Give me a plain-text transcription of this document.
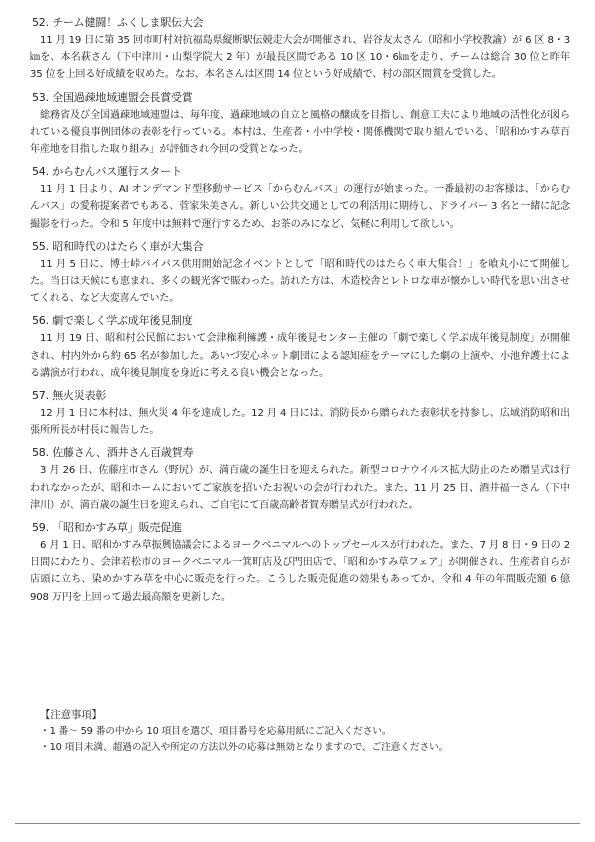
52. チーム健闘！ふくしま駅伝大会
11 月 19 日に第 35 回市町村対抗福島県縦断駅伝競走大会が開催され、岩谷友太さん（昭和小学校教諭）が 6 区 8・3㎞を、本名萩さん（下中津川・山梨学院大 2 年）が最長区間である 10 区 10・6㎞を走り、チームは総合 30 位と昨年 35 位を上回る好成績を収めた。なお、本名さんは区間 14 位という好成績で、村の部区間賞を受賞した。
53. 全国過疎地域連盟会長賞受賞
総務省及び全国過疎地域連盟は、毎年度、過疎地域の自立と風格の醸成を目指し、創意工夫により地域の活性化が図られている優良事例団体の表彰を行っている。本村は、生産者・小中学校・関係機関で取り組んでいる、「昭和かすみ草百年産地を目指した取り組み」が評価され今回の受賞となった。
54. からむんバス運行スタート
11 月 1 日より、AI オンデマンド型移動サービス「からむんバス」の運行が始まった。一番最初のお客様は、「からむんバス」の愛称提案者でもある、菅家朱美さん。新しい公共交通としての利活用に期待し、ドライバー 3 名と一緒に記念撮影を行った。令和 5 年度中は無料で運行するため、お茶のみになど、気軽に利用して欲しい。
55. 昭和時代のはたらく車が大集合
11 月 5 日に、博士峠バイパス供用開始記念イベントとして「昭和時代のはたらく車大集合！」を喰丸小にて開催した。当日は天候にも恵まれ、多くの観光客で賑わった。訪れた方は、木造校舎とレトロな車が懐かしい時代を思い出させてくれる、など大変喜んでいた。
56. 劇で楽しく学ぶ成年後見制度
11 月 19 日、昭和村公民館において会津権利擁護・成年後見センター主催の「劇で楽しく学ぶ成年後見制度」が開催され、村内外から約 65 名が参加した。あいづ安心ネット劇団による認知症をテーマにした劇の上演や、小池弁護士による講演が行われ、成年後見制度を身近に考える良い機会となった。
57. 無火災表彰
12 月 1 日に本村は、無火災 4 年を達成した。12 月 4 日には、消防長から贈られた表彰状を持参し、広域消防昭和出張所所長が村長に報告した。
58. 佐藤さん、酒井さん百歳賀寿
3 月 26 日、佐藤庄市さん（野尻）が、満百歳の誕生日を迎えられた。新型コロナウイルス拡大防止のため贈呈式は行われなかったが、昭和ホームにおいてご家族を招いたお祝いの会が行われた。また、11 月 25 日、酒井福一さん（下中津川）が、満百歳の誕生日を迎えられ、ご自宅にて百歳高齢者賀寿贈呈式が行われた。
59. 「昭和かすみ草」販売促進
6 月 1 日、昭和かすみ草振興協議会によるヨークベニマルへのトップセールスが行われた。また、7 月 8 日・9 日の 2 日間にわたり、会津若松市のヨークベニマル一箕町店及び門田店で、「昭和かすみ草フェア」が開催され、生産者自らが店頭に立ち、染めかすみ草を中心に販売を行った。こうした販売促進の効果もあってか、令和 4 年の年間販売額 6 億 908 万円を上回って過去最高額を更新した。
【注意事項】
・1 番～ 59 番の中から 10 項目を選び、項目番号を応募用紙にご記入ください。
・10 項目未満、超過の記入や所定の方法以外の応募は無効となりますので、ご注意ください。
